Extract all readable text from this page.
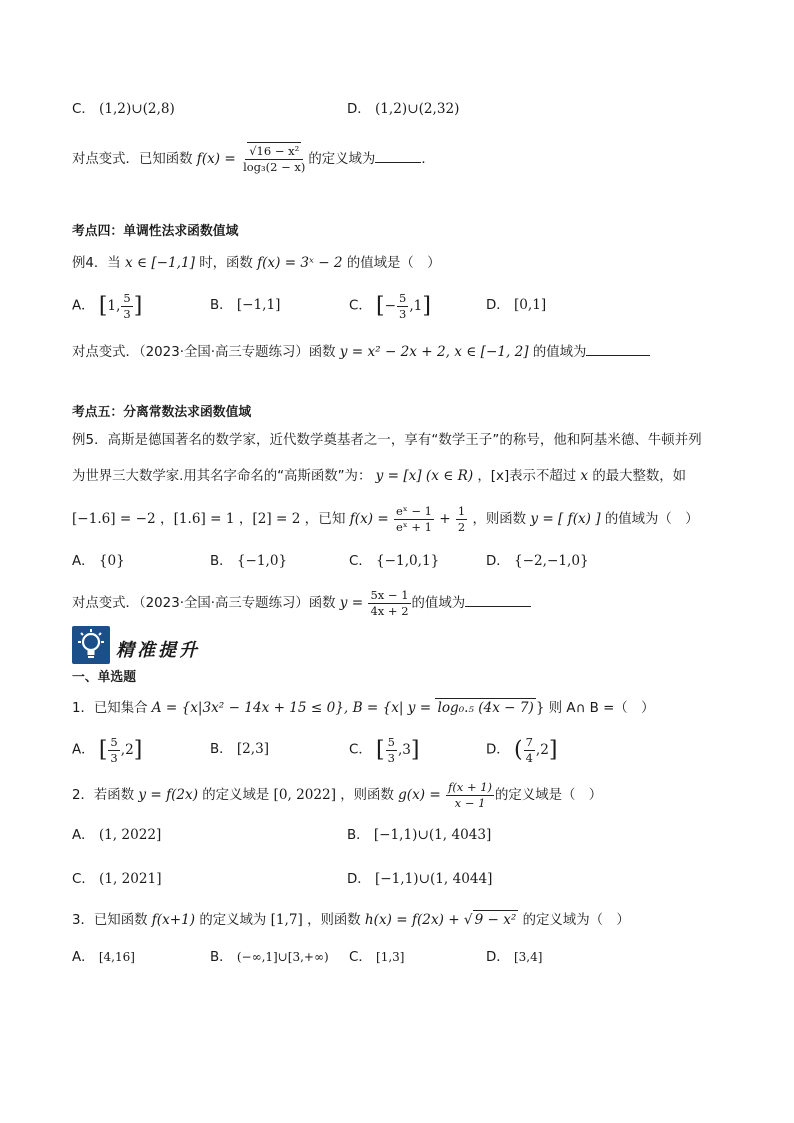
C． (1,2)∪(2,8)	D． (1,2)∪(2,32)
对点变式．已知函数 $f(x) = \frac{\text{√16 − x²}}{\text{log₃(2 − x)}}$ 的定义域为	．
考点四：单调性法求函数值域
例4．当 x ∈ [−1,1] 时，函数 f(x) = 3ˣ − 2 的值域是（　）
A． [1, $\frac{5}{3}$ ]	B． [−1,1]	C． [− $\frac{5}{3} ,1$]	D． [0,1]
对点变式．（2023·全国·高三专题练习）函数 y = x² − 2x + 2, x ∈ [−1, 2] 的值域为
考点五：分离常数法求函数值域
例5．高斯是德国著名的数学家，近代数学奠基者之一，享有“数学王子”的称号，他和阿基米德、牛顿并列
为世界三大数学家.用其名字命名的“高斯函数”为： y = [x] (x ∈ R) ，[x]表示不超过 x 的最大整数，如
[−1.6] = −2 ，[1.6] = 1 ，[2] = 2 ，已知 $f(x) = \frac{\text{eˣ − 1}}{\text{eˣ + 1}} + \frac{1}{2}$ ，则函数 y = [ f(x) ] 的值域为（　）
A． {0}	B． {−1,0}	C． {−1,0,1}	D． {−2,−1,0}
对点变式．（2023·全国·高三专题练习）函数 $y = \frac{5x - 1}{4x + 2}$ 的值域为
精准提升
一、单选题
1．已知集合 A = {x|3x² − 14x + 15 ≤ 0}, B = {x| y = log₀.₅ (4x − 7) } 则 A∩ B =（　）
A． [ $\frac{5}{3} ,2$]	B． [2,3]	C． [ $\frac{5}{3} ,3$]	D． ( $\frac{7}{4} ,2$]
2．若函数 y = f(2x) 的定义域是 [0, 2022] ，则函数 $g(x) = \frac{f(x + 1)}{x - 1}$ 的定义域是（　）
A． (1, 2022]	B． [−1,1)∪(1, 4043]
C． (1, 2021]	D． [−1,1)∪(1, 4044]
3．已知函数 f(x+1) 的定义域为 [1,7] ，则函数 h(x) = f(2x) + √ 9 − x² 的定义域为（　）
A． [4,16]	B． (−∞,1]∪[3,+∞) C． [1,3]	D． [3,4]
